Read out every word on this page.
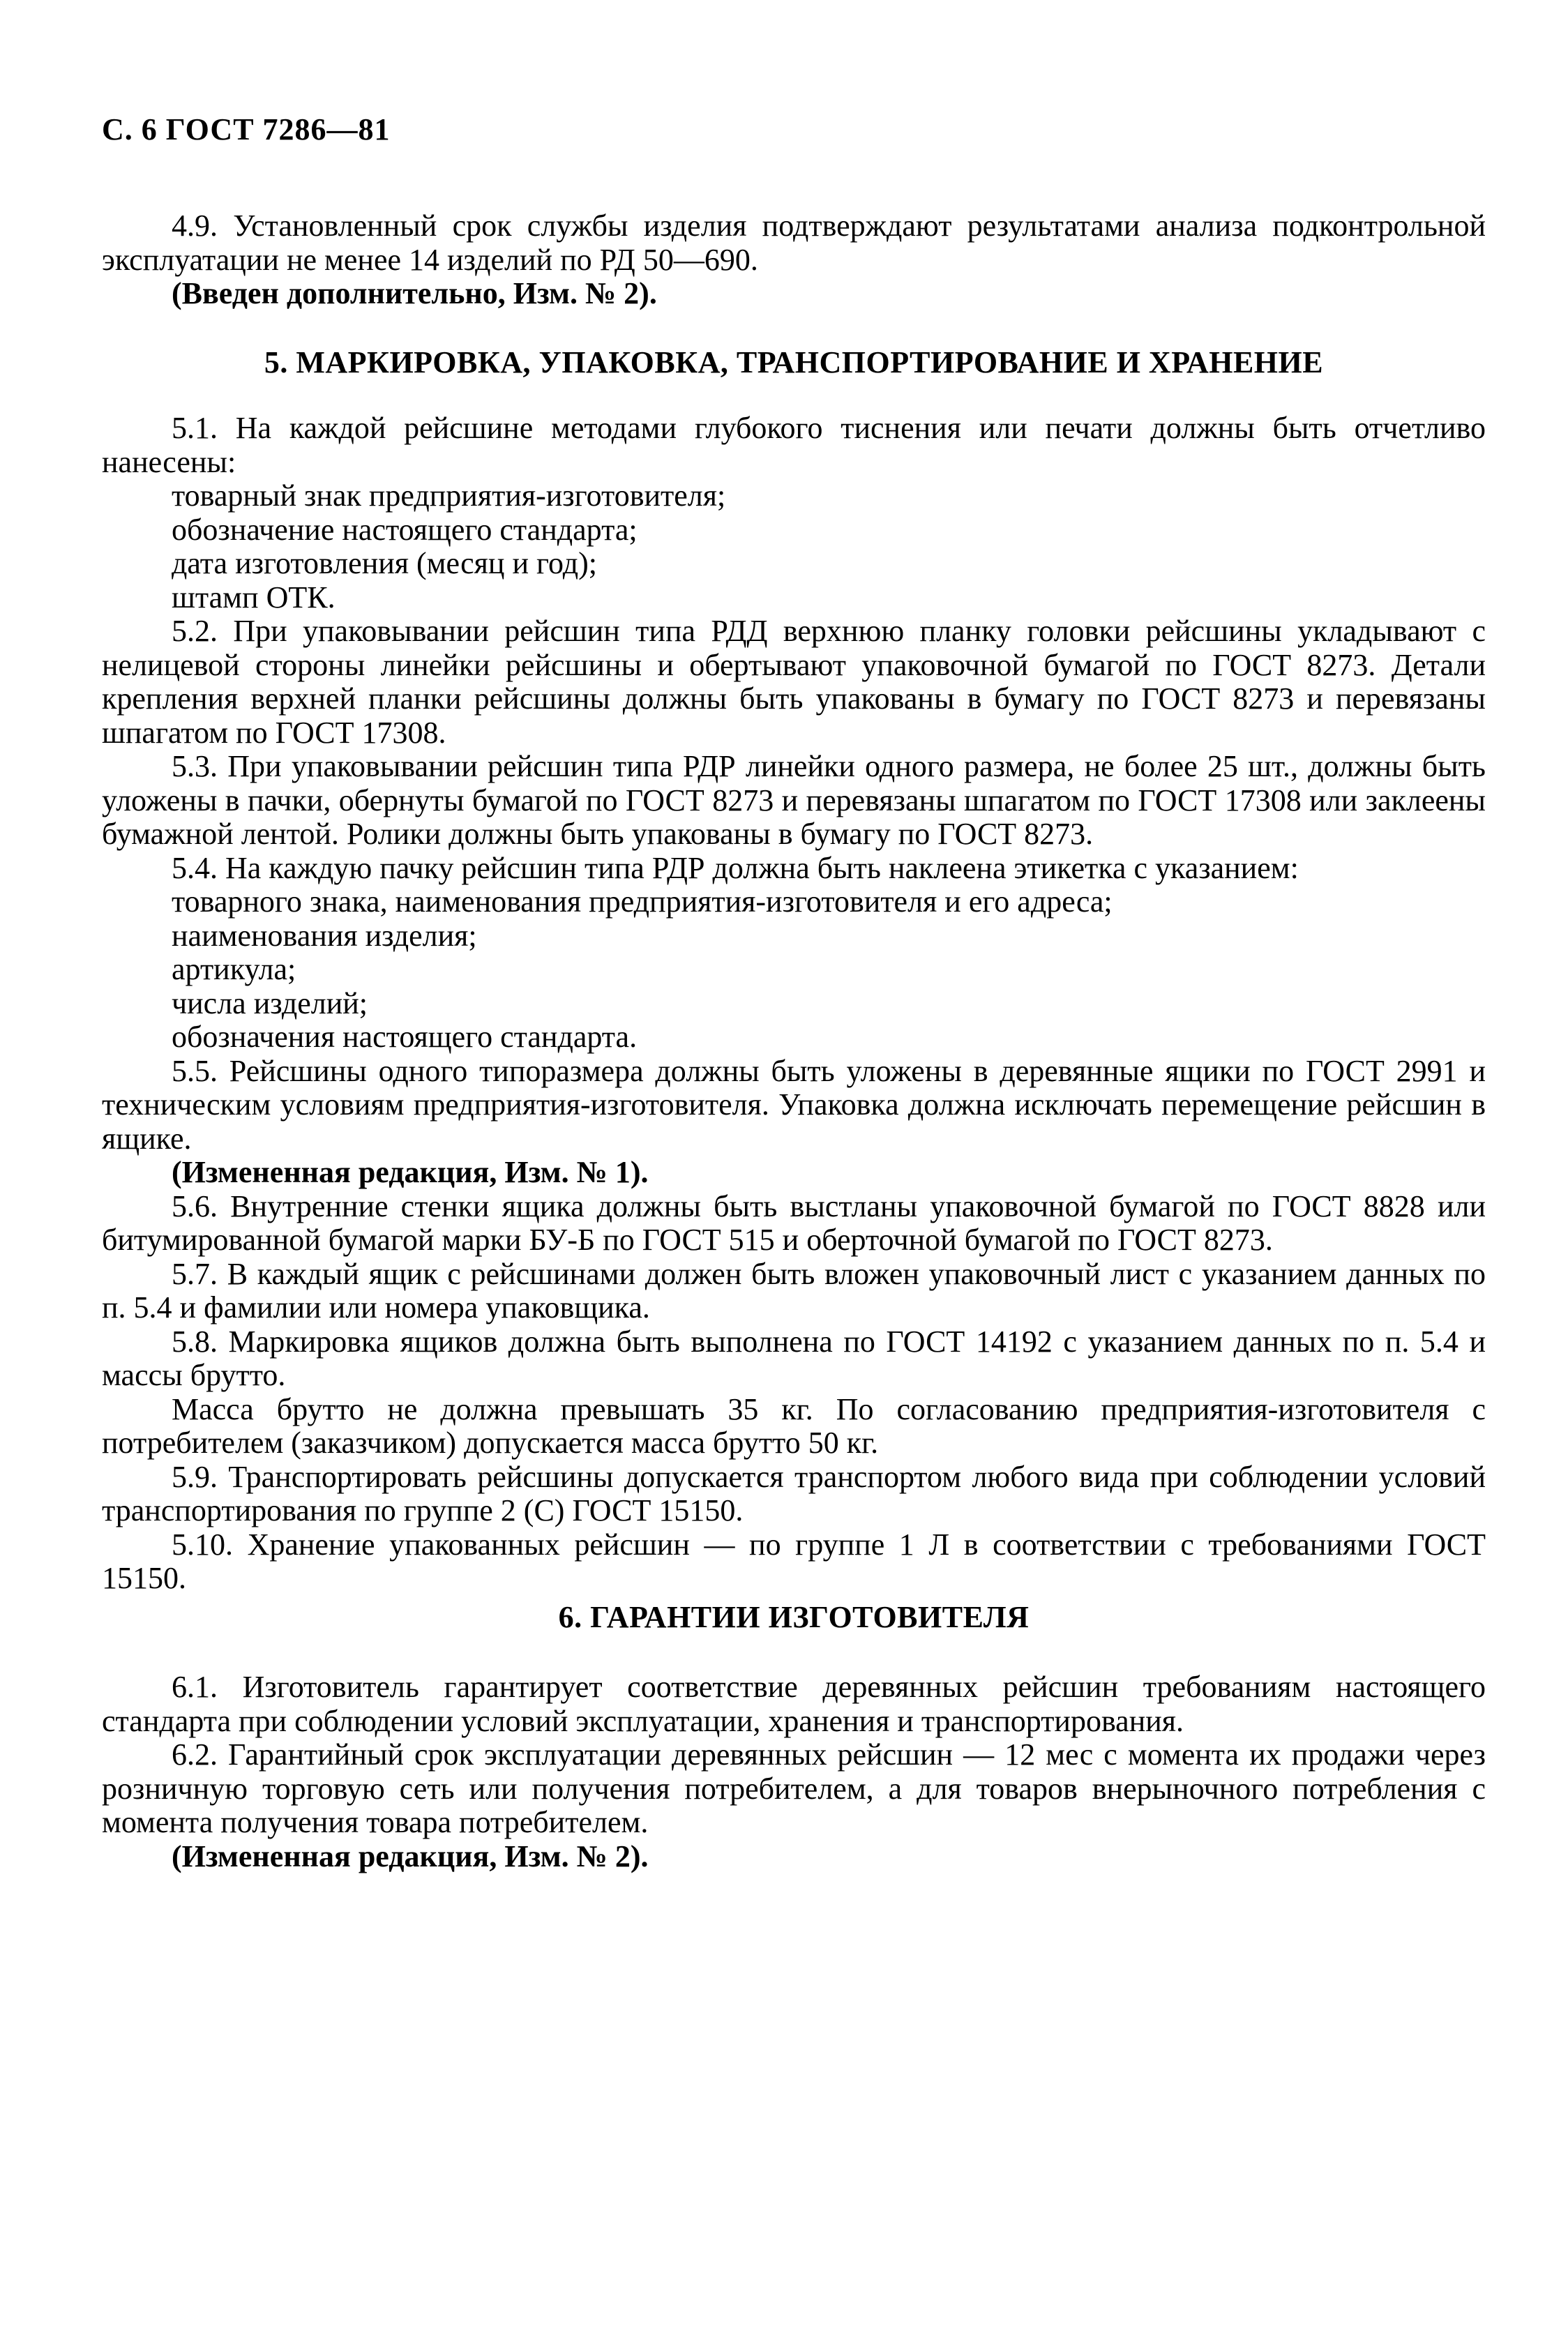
С. 6 ГОСТ 7286—81

4.9. Установленный срок службы изделия подтверждают результатами анализа подконтрольной эксплуатации не менее 14 изделий по РД 50—690.

(Введен дополнительно, Изм. № 2).

5. МАРКИРОВКА, УПАКОВКА, ТРАНСПОРТИРОВАНИЕ И ХРАНЕНИЕ

5.1. На каждой рейсшине методами глубокого тиснения или печати должны быть отчетливо нанесены:

товарный знак предприятия-изготовителя;

обозначение настоящего стандарта;

дата изготовления (месяц и год);

штамп ОТК.

5.2. При упаковывании рейсшин типа РДД верхнюю планку головки рейсшины укладывают с нелицевой стороны линейки рейсшины и обертывают упаковочной бумагой по ГОСТ 8273. Детали крепления верхней планки рейсшины должны быть упакованы в бумагу по ГОСТ 8273 и перевязаны шпагатом по ГОСТ 17308.

5.3. При упаковывании рейсшин типа РДР линейки одного размера, не более 25 шт., должны быть уложены в пачки, обернуты бумагой по ГОСТ 8273 и перевязаны шпагатом по ГОСТ 17308 или заклеены бумажной лентой. Ролики должны быть упакованы в бумагу по ГОСТ 8273.

5.4. На каждую пачку рейсшин типа РДР должна быть наклеена этикетка с указанием:

товарного знака, наименования предприятия-изготовителя и его адреса;

наименования изделия;

артикула;

числа изделий;

обозначения настоящего стандарта.

5.5. Рейсшины одного типоразмера должны быть уложены в деревянные ящики по ГОСТ 2991 и техническим условиям предприятия-изготовителя. Упаковка должна исключать перемещение рейсшин в ящике.

(Измененная редакция, Изм. № 1).

5.6. Внутренние стенки ящика должны быть выстланы упаковочной бумагой по ГОСТ 8828 или битумированной бумагой марки БУ-Б по ГОСТ 515 и оберточной бумагой по ГОСТ 8273.

5.7. В каждый ящик с рейсшинами должен быть вложен упаковочный лист с указанием данных по п. 5.4 и фамилии или номера упаковщика.

5.8. Маркировка ящиков должна быть выполнена по ГОСТ 14192 с указанием данных по п. 5.4 и массы брутто.

Масса брутто не должна превышать 35 кг. По согласованию предприятия-изготовителя с потребителем (заказчиком) допускается масса брутто 50 кг.

5.9. Транспортировать рейсшины допускается транспортом любого вида при соблюдении условий транспортирования по группе 2 (С) ГОСТ 15150.

5.10. Хранение упакованных рейсшин — по группе 1 Л в соответствии с требованиями ГОСТ 15150.

6. ГАРАНТИИ ИЗГОТОВИТЕЛЯ

6.1. Изготовитель гарантирует соответствие деревянных рейсшин требованиям настоящего стандарта при соблюдении условий эксплуатации, хранения и транспортирования.

6.2. Гарантийный срок эксплуатации деревянных рейсшин — 12 мес с момента их продажи через розничную торговую сеть или получения потребителем, а для товаров внерыночного потребления с момента получения товара потребителем.

(Измененная редакция, Изм. № 2).
